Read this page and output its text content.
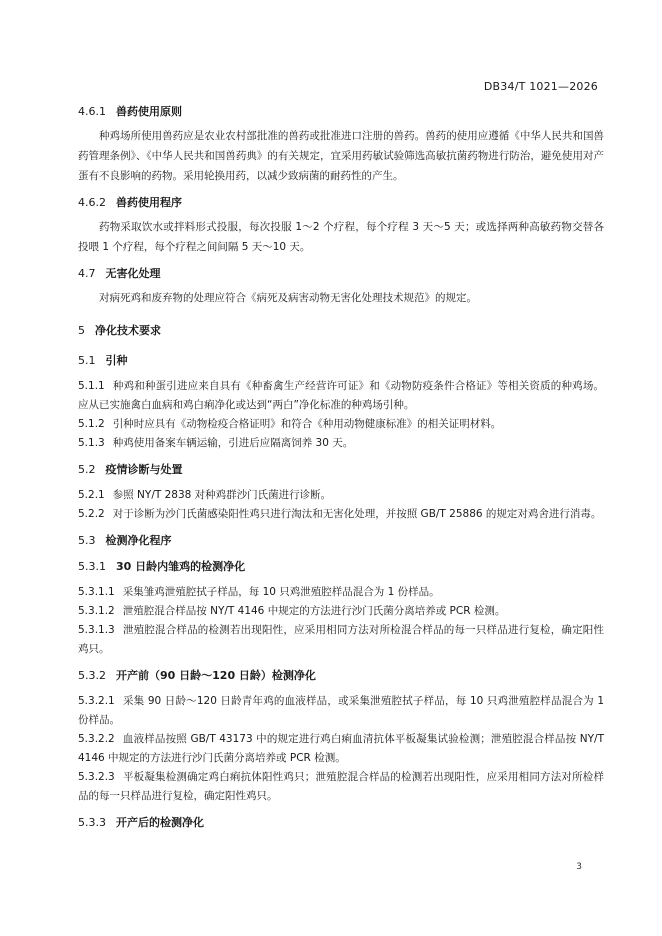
DB34/T 1021—2026

4.6.1 兽药使用原则

种鸡场所使用兽药应是农业农村部批准的兽药或批准进口注册的兽药。兽药的使用应遵循《中华人民共和国兽药管理条例》、《中华人民共和国兽药典》的有关规定，宜采用药敏试验筛选高敏抗菌药物进行防治，避免使用对产蛋有不良影响的药物。采用轮换用药，以减少致病菌的耐药性的产生。

4.6.2 兽药使用程序

药物采取饮水或拌料形式投服，每次投服 1～2 个疗程，每个疗程 3 天～5 天；或选择两种高敏药物交替各投喂 1 个疗程，每个疗程之间间隔 5 天～10 天。

4.7 无害化处理

对病死鸡和废弃物的处理应符合《病死及病害动物无害化处理技术规范》的规定。

5 净化技术要求

5.1 引种

5.1.1 种鸡和种蛋引进应来自具有《种畜禽生产经营许可证》和《动物防疫条件合格证》等相关资质的种鸡场。应从已实施禽白血病和鸡白痢净化或达到“两白”净化标准的种鸡场引种。

5.1.2 引种时应具有《动物检疫合格证明》和符合《种用动物健康标准》的相关证明材料。

5.1.3 种鸡使用备案车辆运输，引进后应隔离饲养 30 天。

5.2 疫情诊断与处置

5.2.1 参照 NY/T 2838 对种鸡群沙门氏菌进行诊断。

5.2.2 对于诊断为沙门氏菌感染阳性鸡只进行淘汰和无害化处理，并按照 GB/T 25886 的规定对鸡舍进行消毒。

5.3 检测净化程序

5.3.1 30 日龄内雏鸡的检测净化

5.3.1.1 采集雏鸡泄殖腔拭子样品，每 10 只鸡泄殖腔样品混合为 1 份样品。

5.3.1.2 泄殖腔混合样品按 NY/T 4146 中规定的方法进行沙门氏菌分离培养或 PCR 检测。

5.3.1.3 泄殖腔混合样品的检测若出现阳性，应采用相同方法对所检混合样品的每一只样品进行复检，确定阳性鸡只。

5.3.2 开产前（90 日龄～120 日龄）检测净化

5.3.2.1 采集 90 日龄～120 日龄青年鸡的血液样品，或采集泄殖腔拭子样品，每 10 只鸡泄殖腔样品混合为 1 份样品。

5.3.2.2 血液样品按照 GB/T 43173 中的规定进行鸡白痢血清抗体平板凝集试验检测；泄殖腔混合样品按 NY/T 4146 中规定的方法进行沙门氏菌分离培养或 PCR 检测。

5.3.2.3 平板凝集检测确定鸡白痢抗体阳性鸡只；泄殖腔混合样品的检测若出现阳性，应采用相同方法对所检样品的每一只样品进行复检，确定阳性鸡只。

5.3.3 开产后的检测净化

3
